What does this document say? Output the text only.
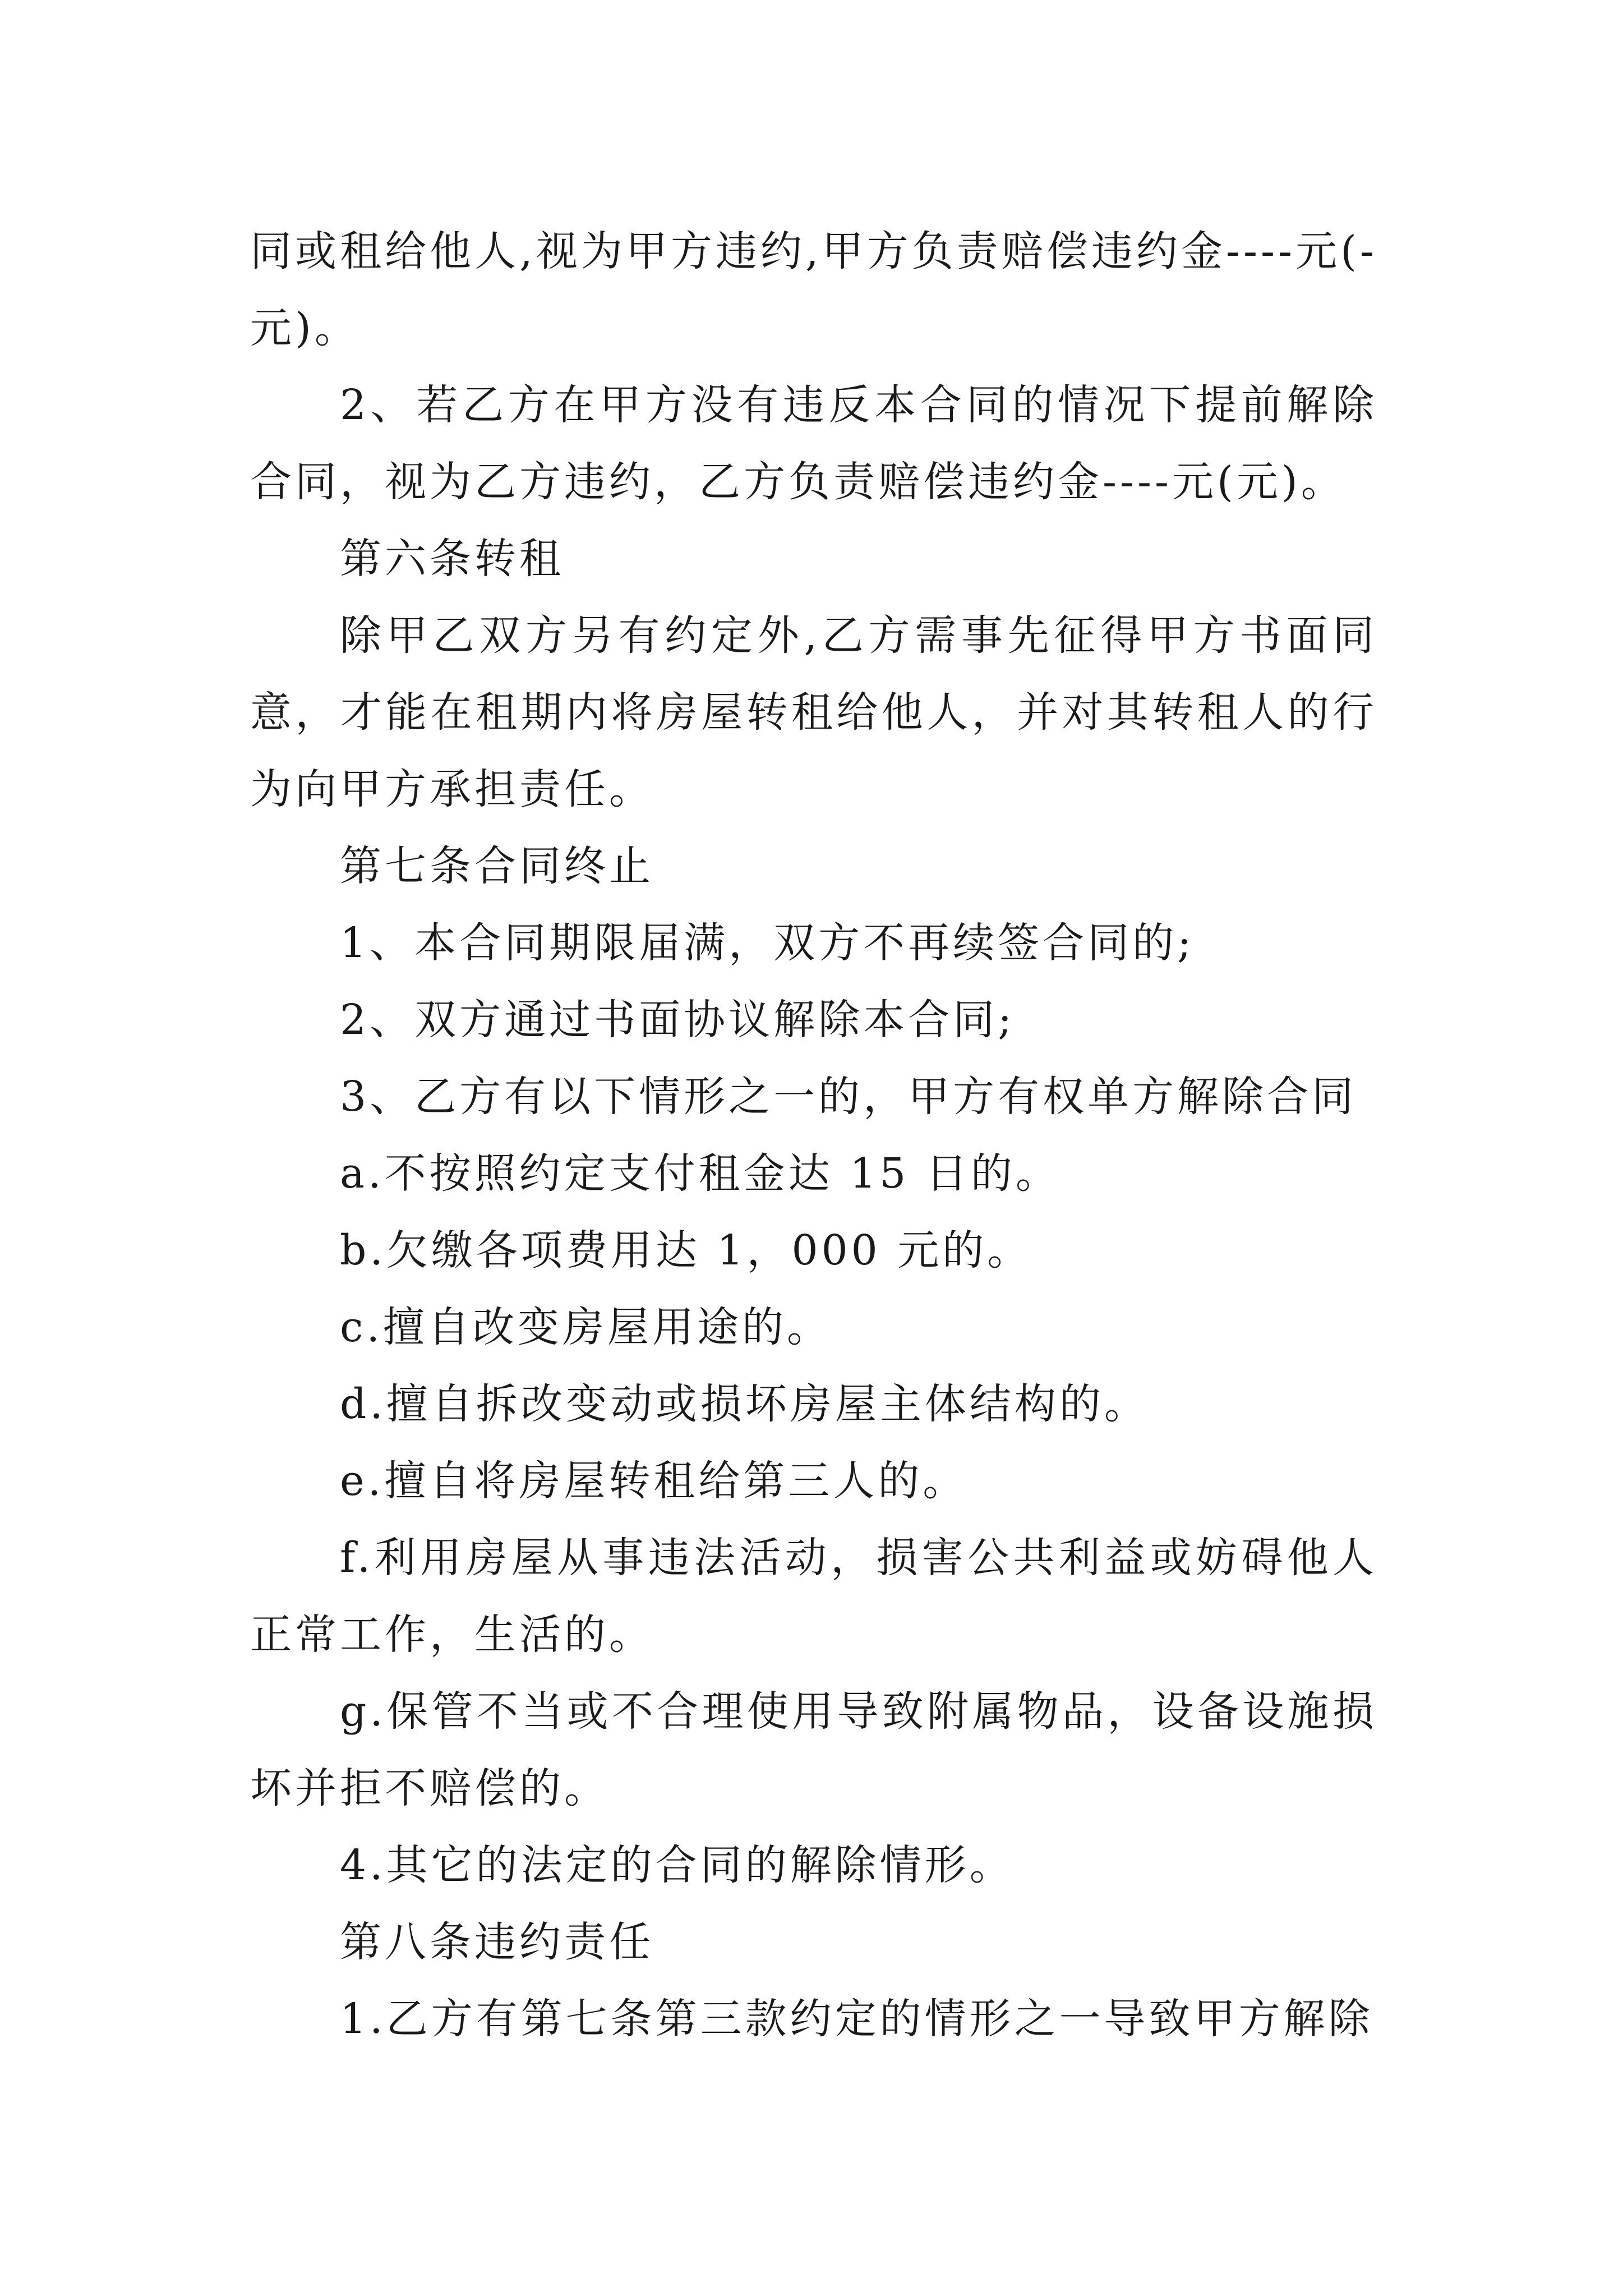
同或租给他人,视为甲方违约,甲方负责赔偿违约金----元(-元)。

2、若乙方在甲方没有违反本合同的情况下提前解除合同，视为乙方违约，乙方负责赔偿违约金----元(元)。

第六条转租

除甲乙双方另有约定外,乙方需事先征得甲方书面同意，才能在租期内将房屋转租给他人，并对其转租人的行为向甲方承担责任。

第七条合同终止

1、本合同期限届满，双方不再续签合同的;

2、双方通过书面协议解除本合同;

3、乙方有以下情形之一的，甲方有权单方解除合同

a.不按照约定支付租金达 15 日的。

b.欠缴各项费用达 1，000 元的。

c.擅自改变房屋用途的。

d.擅自拆改变动或损坏房屋主体结构的。

e.擅自将房屋转租给第三人的。

f.利用房屋从事违法活动，损害公共利益或妨碍他人正常工作，生活的。

g.保管不当或不合理使用导致附属物品，设备设施损坏并拒不赔偿的。

4.其它的法定的合同的解除情形。

第八条违约责任

1.乙方有第七条第三款约定的情形之一导致甲方解除
